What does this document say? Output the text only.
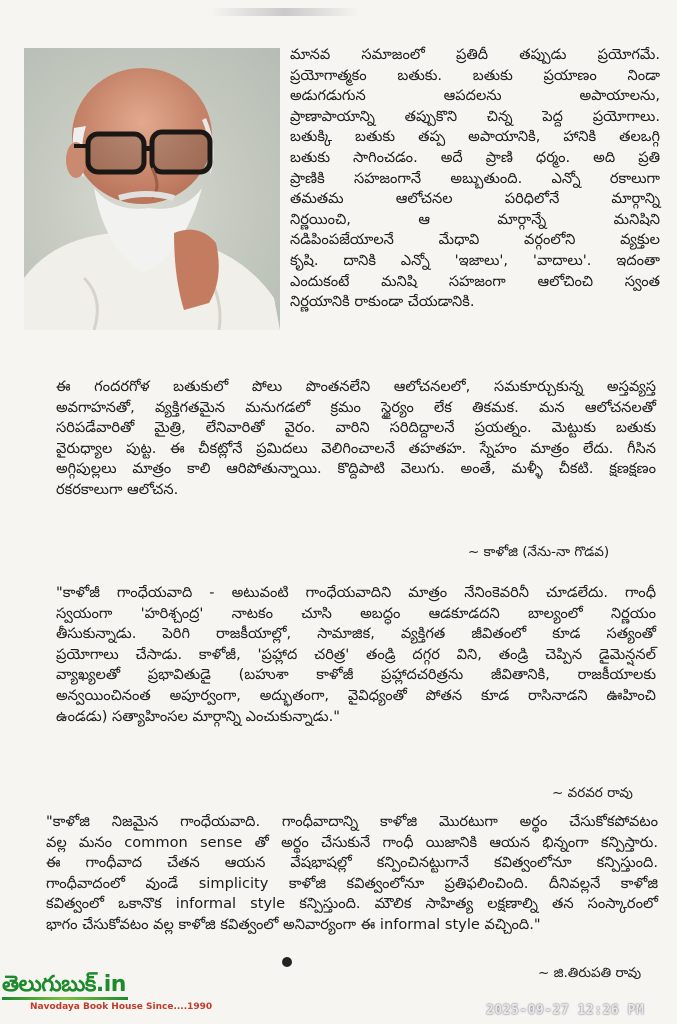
మానవ సమాజంలో ప్రతిదీ తప్పుడు ప్రయోగమే.
ప్రయోగాత్మకం బతుకు. బతుకు ప్రయాణం నిండా
అడుగడుగున ఆపదలను అపాయాలను,
ప్రాణాపాయాన్ని తప్పుకొని చిన్న పెద్ద ప్రయోగాలు.
బతుక్కి బతుకు తప్ప అపాయానికి, హానికి తలఒగ్గి
బతుకు సాగించడం. అదే ప్రాణి ధర్మం. అది ప్రతి
ప్రాణికి సహజంగానే అబ్బుతుంది. ఎన్నో రకాలుగా
తమతమ ఆలోచనల పరిధిలోనే మార్గాన్ని
నిర్ణయించి, ఆ మార్గాన్నే మనిషిని
నడిపింపజేయాలనే మేధావి వర్గంలోని వ్యక్తుల
కృషి. దానికి ఎన్నో 'ఇజాలు', 'వాదాలు'. ఇదంతా
ఎందుకంటే మనిషి సహజంగా ఆలోచించి స్వంత
నిర్ణయానికి రాకుండా చేయడానికి.
ఈ గందరగోళ బతుకులో పోలు పొంతనలేని ఆలోచనలలో, సమకూర్చుకున్న అస్తవ్యస్త
అవగాహనతో, వ్యక్తిగతమైన మనుగడలో క్రమం స్థైర్యం లేక తికమక. మన ఆలోచనలతో
సరిపడేవారితో మైత్రి, లేనివారితో వైరం. వారిని సరిదిద్దాలనే ప్రయత్నం. మెట్టుకు బతుకు
వైరుధ్యాల పుట్ట. ఈ చీకట్లోనే ప్రమిదలు వెలిగించాలనే తహతహ. స్నేహం మాత్రం లేదు. గీసిన
అగ్గిపుల్లలు మాత్రం కాలి ఆరిపోతున్నాయి. కొద్దిపాటి వెలుగు. అంతే, మళ్ళీ చీకటి. క్షణక్షణం
రకరకాలుగా ఆలోచన.
~ కాళోజి (నేను-నా గొడవ)
"కాళోజీ గాంధేయవాది - అటువంటి గాంధేయవాదిని మాత్రం నేనింకెవరినీ చూడలేదు. గాంధీ
స్వయంగా 'హరిశ్చంద్ర' నాటకం చూసి అబద్ధం ఆడకూడదని బాల్యంలో నిర్ణయం
తీసుకున్నాడు. పెరిగి రాజకీయాల్లో, సామాజిక, వ్యక్తిగత జీవితంలో కూడ సత్యంతో
ప్రయోగాలు చేసాడు. కాళోజీ, 'ప్రహ్లాద చరిత్ర' తండ్రి దగ్గర విని, తండ్రి చెప్పిన డైమెన్షనల్
వ్యాఖ్యలతో ప్రభావితుడై (బహుశా కాళోజీ ప్రహ్లాదచరిత్రను జీవితానికి, రాజకీయాలకు
అన్వయించినంత అపూర్వంగా, అద్భుతంగా, వైవిధ్యంతో పోతన కూడ రాసినాడని ఊహించి
ఉండడు) సత్యాహింసల మార్గాన్ని ఎంచుకున్నాడు."
~ వరవర రావు
"కాళోజి నిజమైన గాంధేయవాది. గాంధీవాదాన్ని కాళోజి మొరటుగా అర్థం చేసుకోకపోవటం
వల్ల మనం common sense తో అర్థం చేసుకునే గాంధీ యిజానికి ఆయన భిన్నంగా కన్పిస్తారు.
ఈ గాంధీవాద చేతన ఆయన వేషభాషల్లో కన్పించినట్టుగానే కవిత్వంలోనూ కన్పిస్తుంది.
గాంధీవాదంలో వుండే simplicity కాళోజి కవిత్వంలోనూ ప్రతిఫలించింది. దీనివల్లనే కాళోజి
కవిత్వంలో ఒకానొక informal style కన్పిస్తుంది. మౌలిక సాహిత్య లక్షణాల్ని తన సంస్కారంలో
భాగం చేసుకోవటం వల్ల కాళోజి కవిత్వంలో అనివార్యంగా ఈ informal style వచ్చింది."
~ జి.తిరుపతి రావు
తెలుగుబుక్.in
Navodaya Book House Since....1990	2025-09-27 12:26 PM
